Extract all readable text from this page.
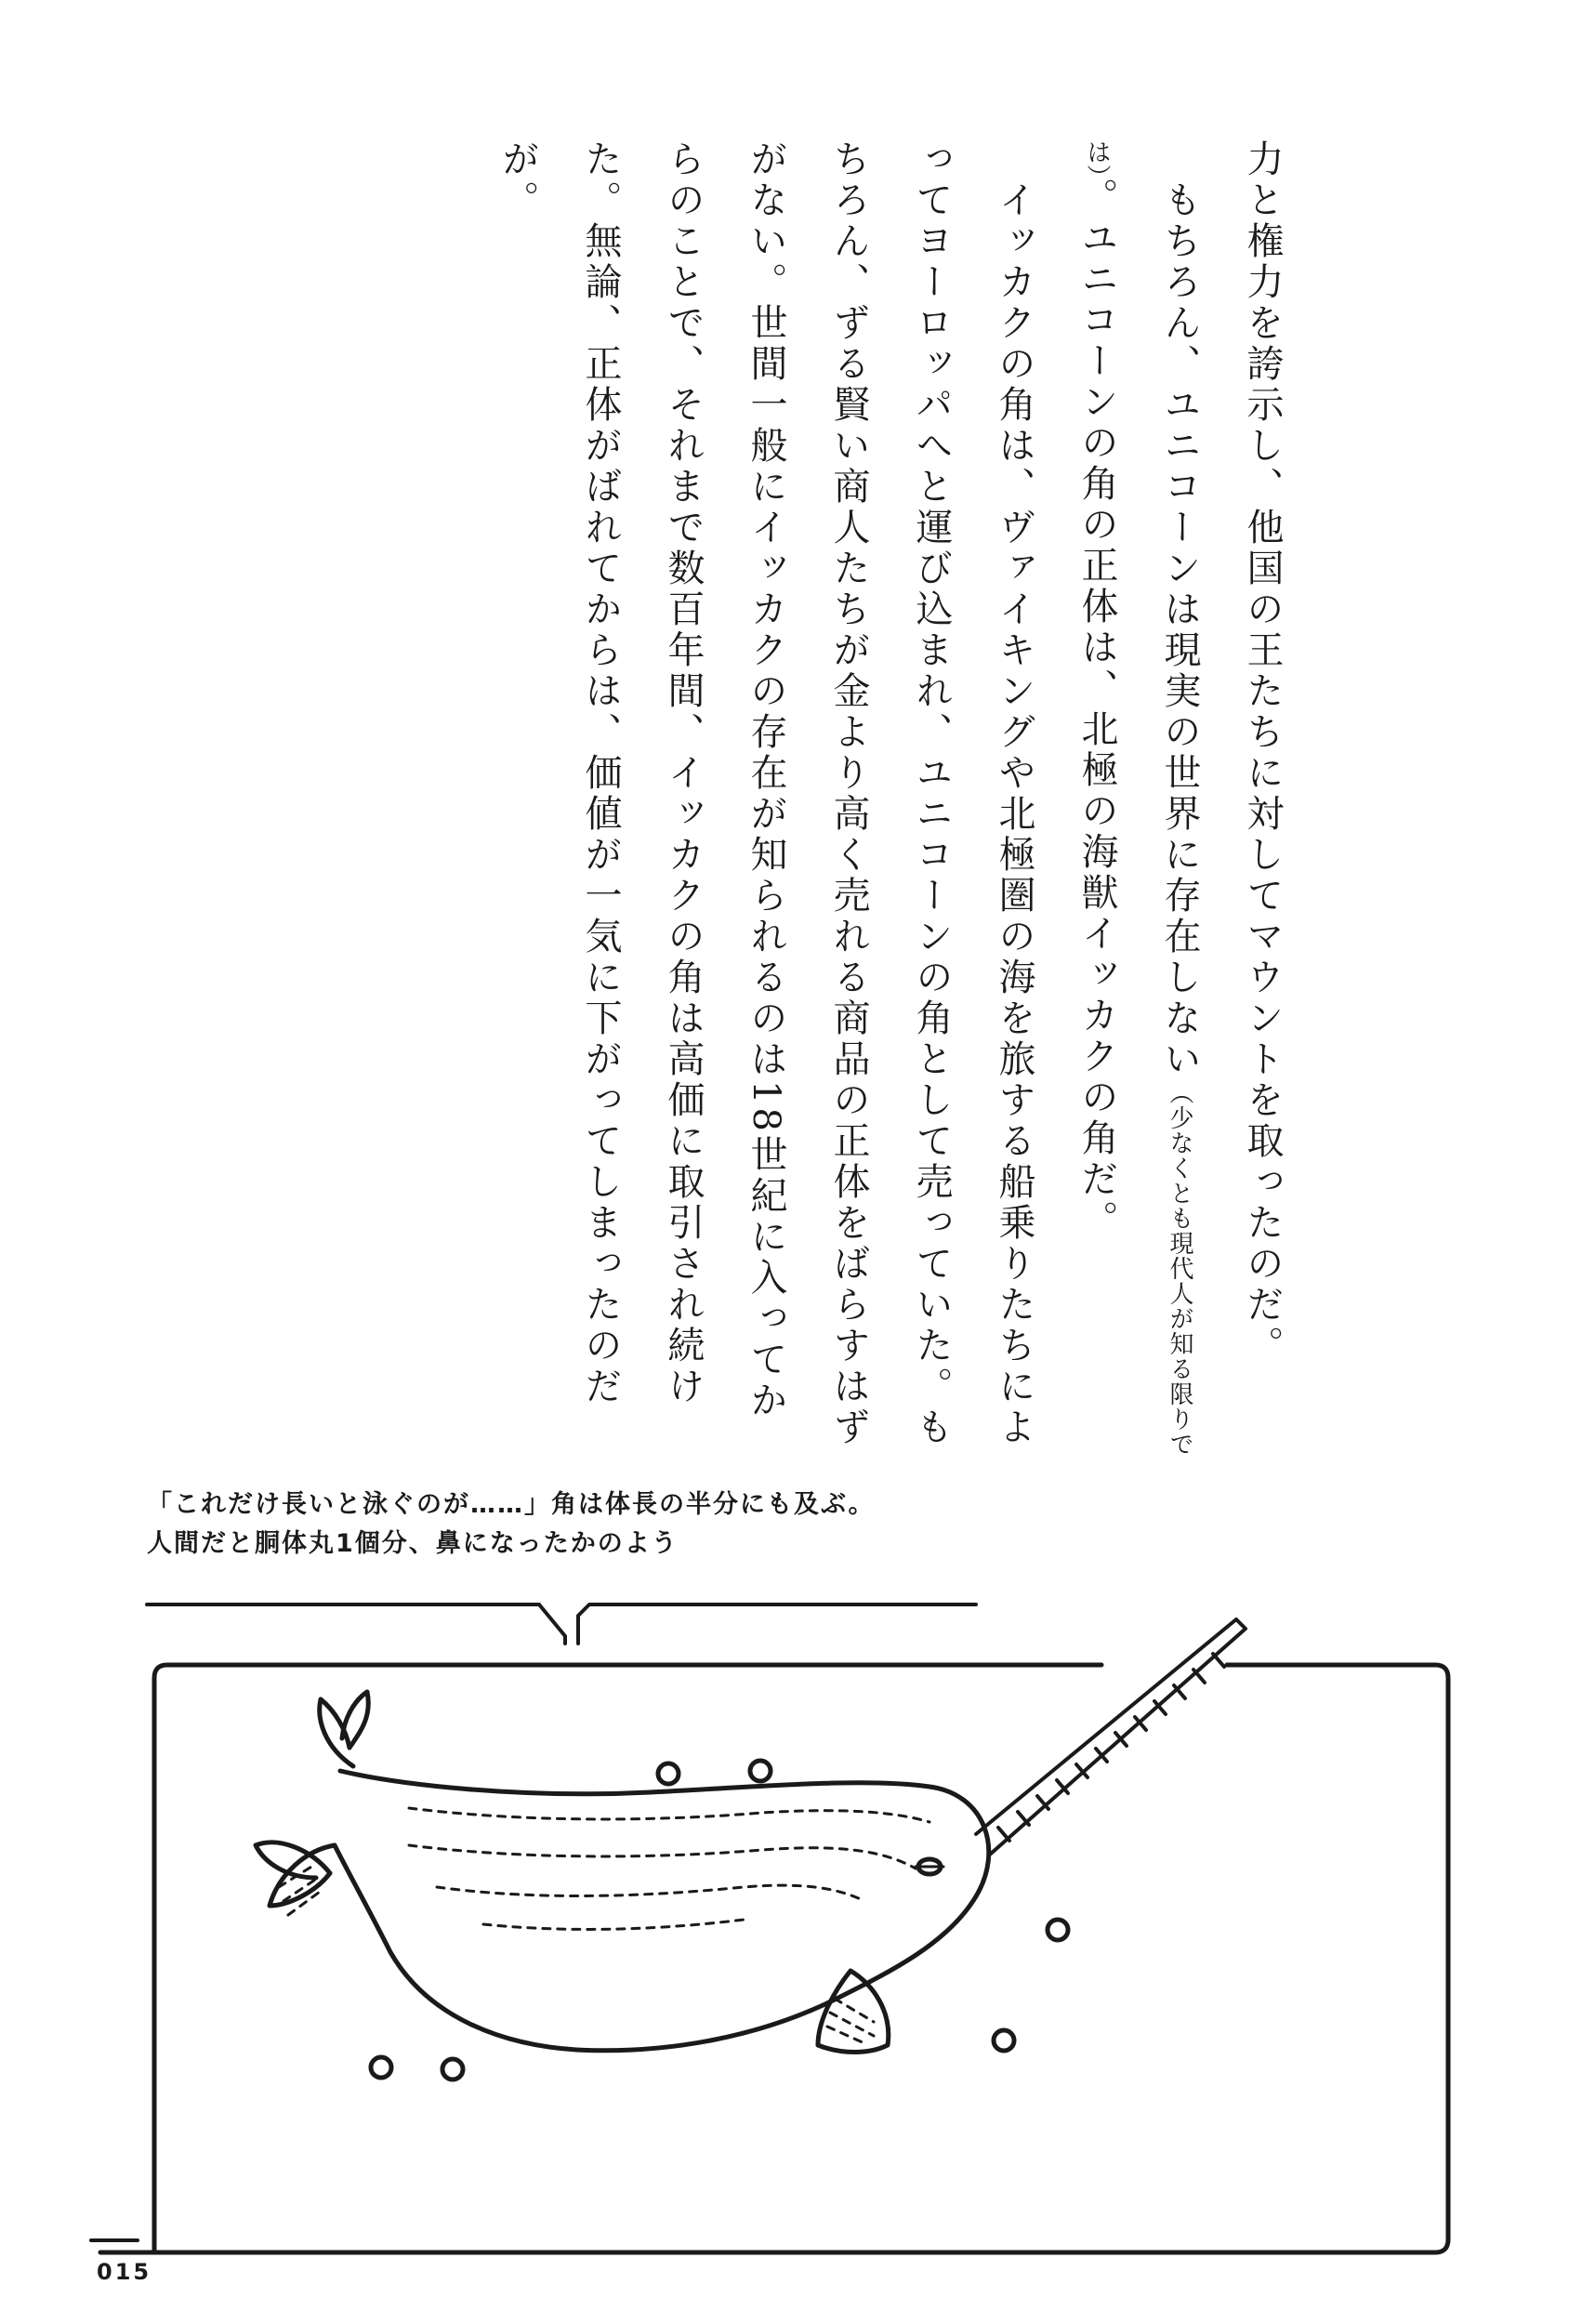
力と権力を誇示し、他国の王たちに対してマウントを取ったのだ。

　もちろん、ユニコーンは現実の世界に存在しない（少なくとも現代人が知る限りでは）。ユニコーンの角の正体は、北極の海獣イッカクの角だ。

　イッカクの角は、ヴァイキングや北極圏の海を旅する船乗りたちによってヨーロッパへと運び込まれ、ユニコーンの角として売っていた。もちろん、ずる賢い商人たちが金より高く売れる商品の正体をばらすはずがない。世間一般にイッカクの存在が知られるのは18世紀に入ってからのことで、それまで数百年間、イッカクの角は高価に取引され続けた。無論、正体がばれてからは、価値が一気に下がってしまったのだが。

「これだけ長いと泳ぐのが……」角は体長の半分にも及ぶ。
人間だと胴体丸1個分、鼻になったかのよう
015
